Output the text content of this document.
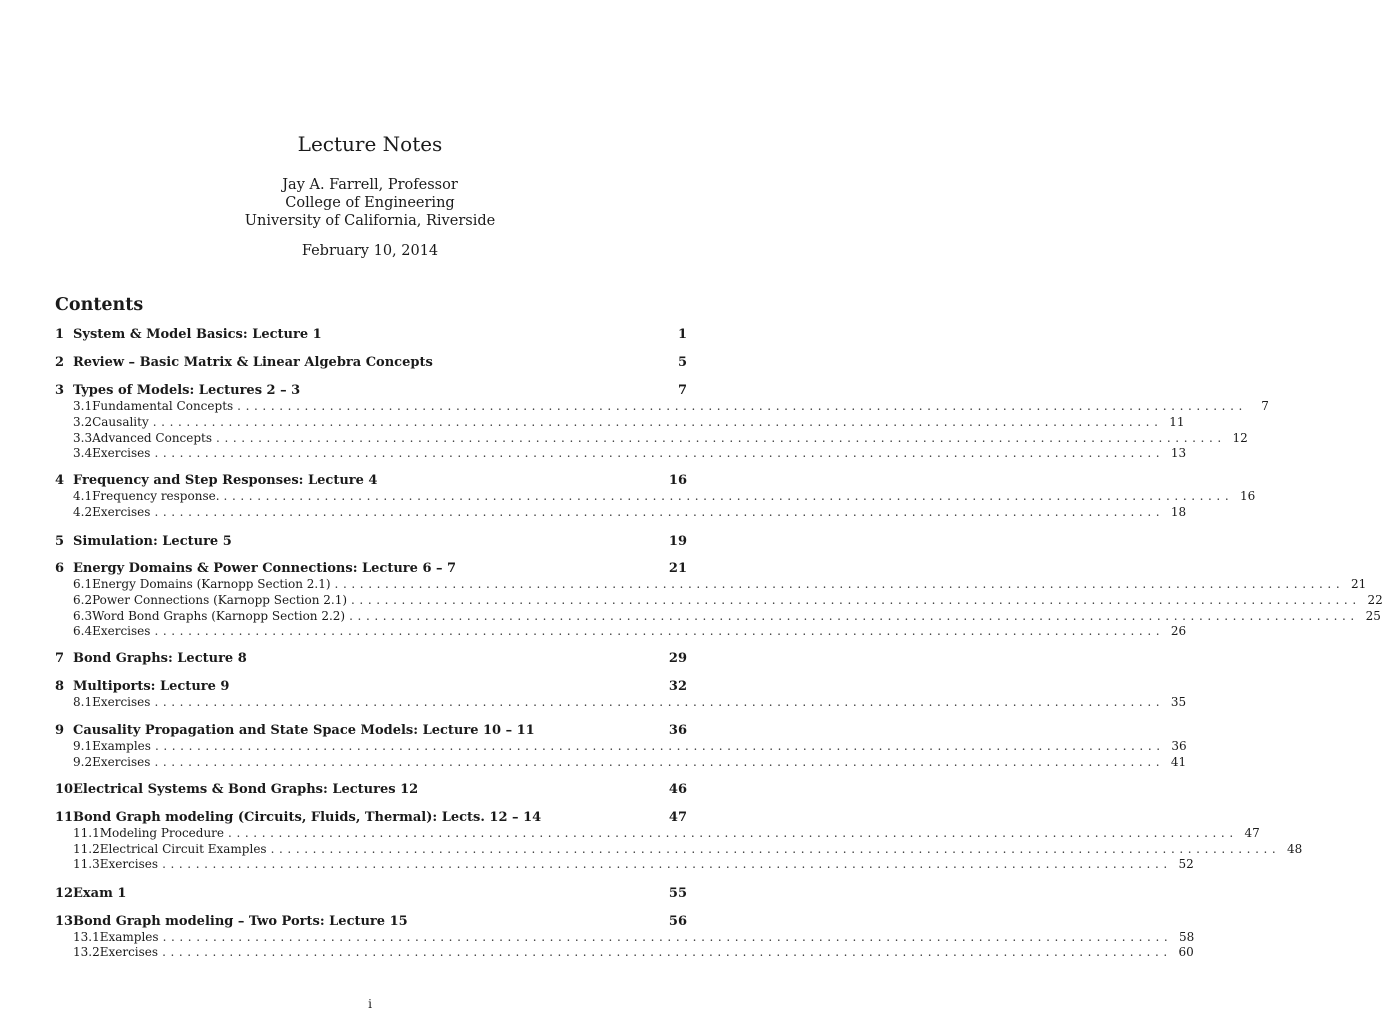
Lecture Notes
Jay A. Farrell, Professor
College of Engineering
University of California, Riverside
February 10, 2014
Contents
1 System & Model Basics: Lecture 1	1
2 Review – Basic Matrix & Linear Algebra Concepts	5
3 Types of Models: Lectures 2 – 3	7
3.1 Fundamental Concepts ........................................................................................................................	7
3.2 Causality ........................................................................................................................ 11
3.3 Advanced Concepts ........................................................................................................................ 12
3.4 Exercises ........................................................................................................................ 13
4 Frequency and Step Responses: Lecture 4	16
4.1 Frequency response. ........................................................................................................................ 16
4.2 Exercises ........................................................................................................................ 18
5 Simulation: Lecture 5	19
6 Energy Domains & Power Connections: Lecture 6 – 7	21
6.1 Energy Domains (Karnopp Section 2.1) ........................................................................................................................ 21
6.2 Power Connections (Karnopp Section 2.1) ........................................................................................................................ 22
6.3 Word Bond Graphs (Karnopp Section 2.2) ........................................................................................................................ 25
6.4 Exercises ........................................................................................................................ 26
7 Bond Graphs: Lecture 8	29
8 Multiports: Lecture 9	32
8.1 Exercises ........................................................................................................................ 35
9 Causality Propagation and State Space Models: Lecture 10 – 11	36
9.1 Examples ........................................................................................................................ 36
9.2 Exercises ........................................................................................................................ 41
10 Electrical Systems & Bond Graphs: Lectures 12	46
11 Bond Graph modeling (Circuits, Fluids, Thermal): Lects. 12 – 14	47
11.1 Modeling Procedure ........................................................................................................................ 47
11.2 Electrical Circuit Examples ........................................................................................................................ 48
11.3 Exercises ........................................................................................................................ 52
12 Exam 1	55
13 Bond Graph modeling – Two Ports: Lecture 15	56
13.1 Examples ........................................................................................................................ 58
13.2 Exercises ........................................................................................................................ 60
i
